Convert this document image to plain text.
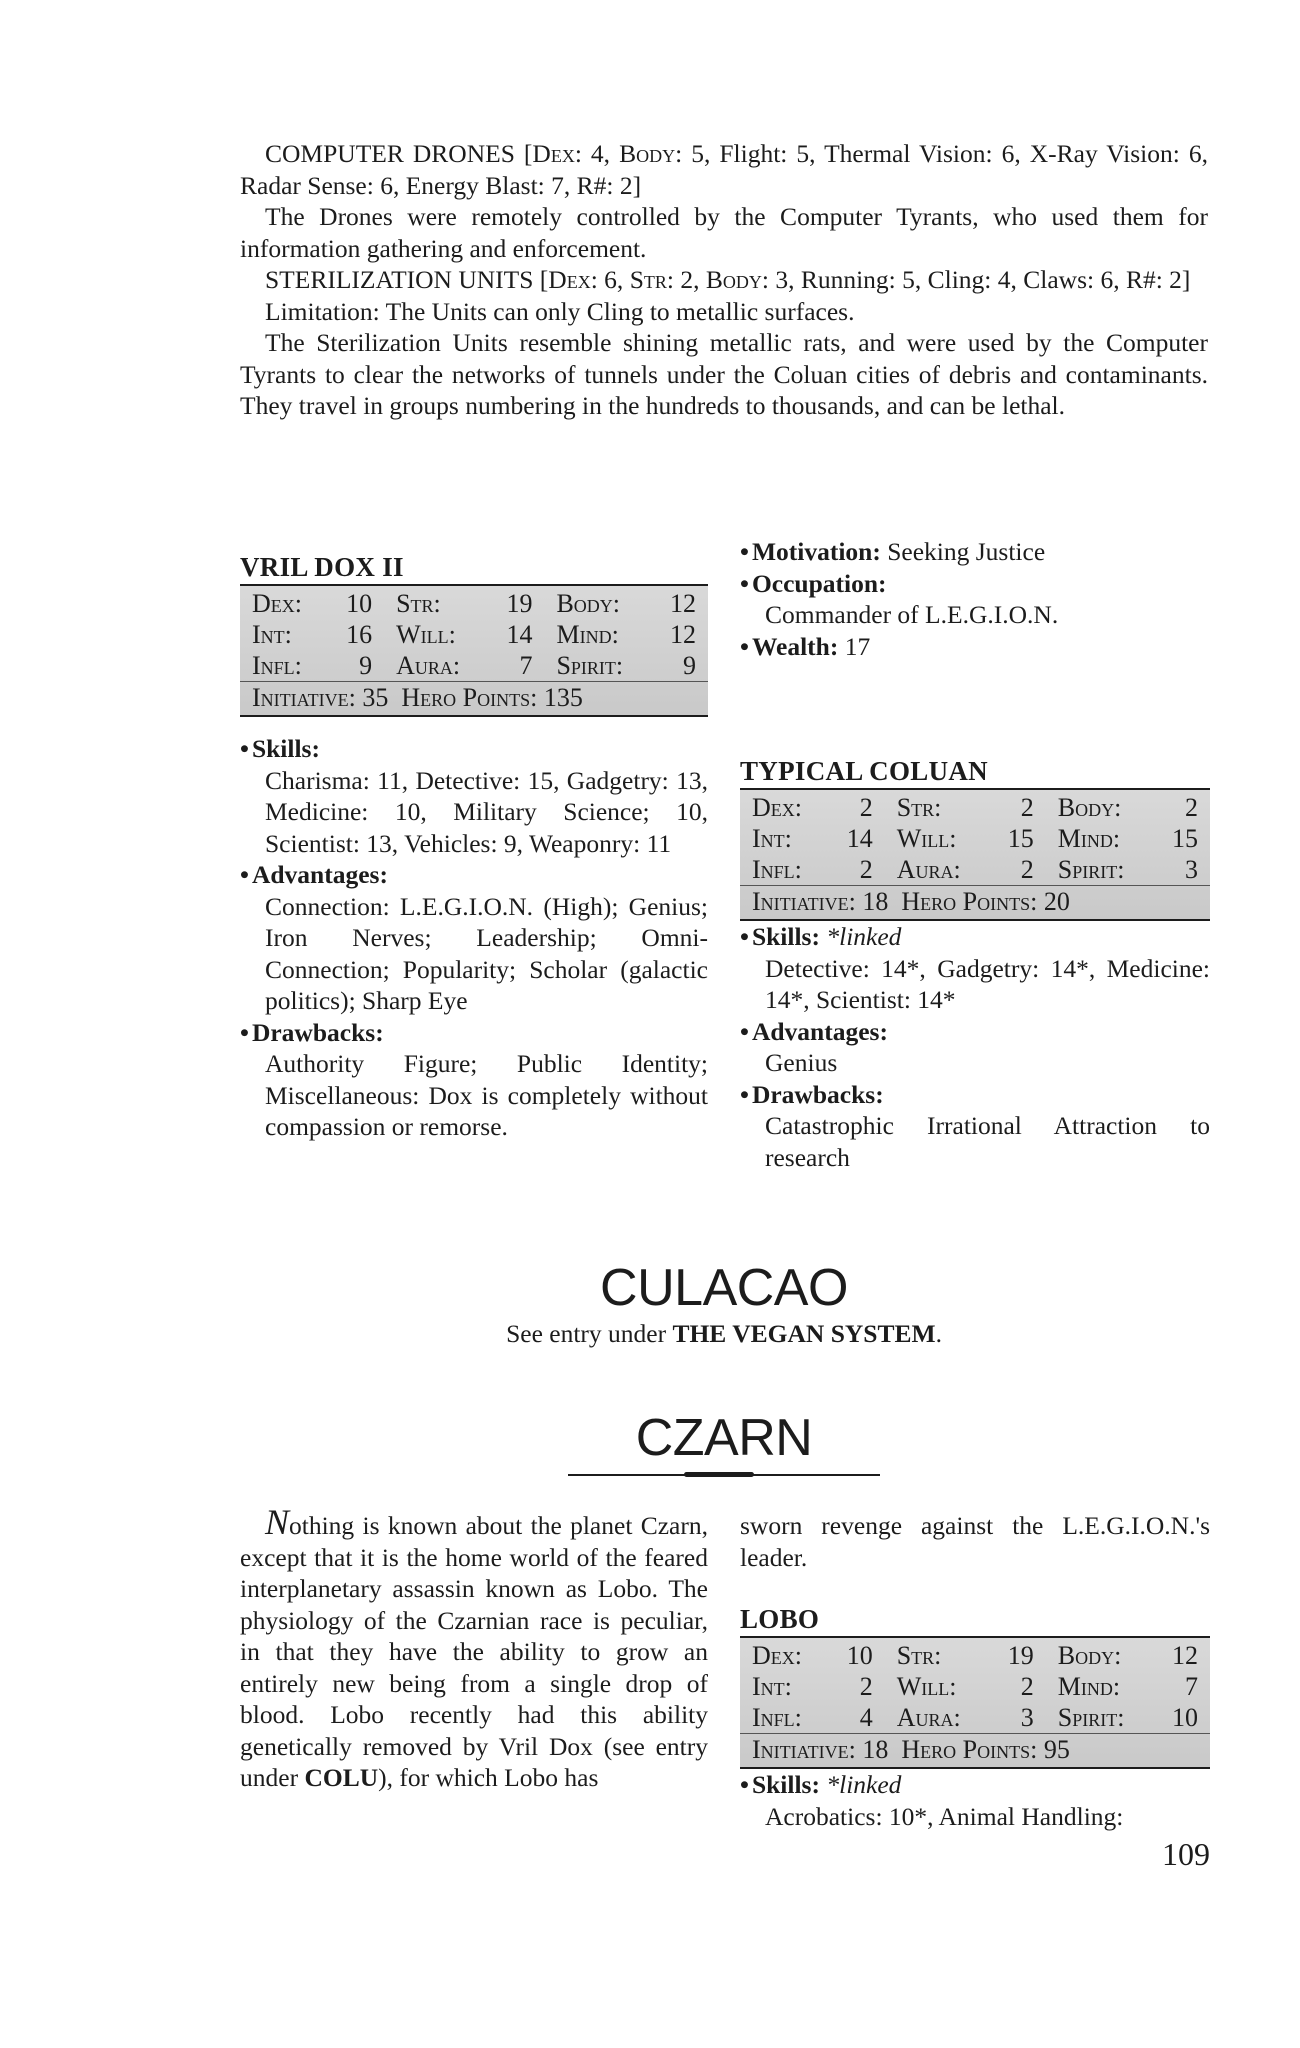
COMPUTER DRONES [Dex: 4, Body: 5, Flight: 5, Thermal Vision: 6, X-Ray Vision: 6, Radar Sense: 6, Energy Blast: 7, R#: 2]

The Drones were remotely controlled by the Computer Tyrants, who used them for information gathering and enforcement.

STERILIZATION UNITS [Dex: 6, Str: 2, Body: 3, Running: 5, Cling: 4, Claws: 6, R#: 2]

Limitation: The Units can only Cling to metallic surfaces.

The Sterilization Units resemble shining metallic rats, and were used by the Computer Tyrants to clear the networks of tunnels under the Coluan cities of debris and contaminants. They travel in groups numbering in the hundreds to thousands, and can be lethal.

VRIL DOX II
Dex:	10	Str:	19	Body:	12
Int:	16	Will:	14	Mind:	12
Infl:	9	Aura:	7	Spirit:	9
Initiative: 35 Hero Points: 135					
• Skills:

Charisma: 11, Detective: 15, Gadgetry: 13, Medicine: 10, Military Science; 10, Scientist: 13, Vehicles: 9, Weaponry: 11

• Advantages:

Connection: L.E.G.I.O.N. (High); Genius; Iron Nerves; Leadership; Omni-Connection; Popularity; Scholar (galactic politics); Sharp Eye

• Drawbacks:

Authority Figure; Public Identity; Miscellaneous: Dox is completely without compassion or remorse.

• Motivation: Seeking Justice
• Occupation:

Commander of L.E.G.I.O.N.

• Wealth: 17
TYPICAL COLUAN
Dex:	2	Str:	2	Body:	2
Int:	14	Will:	15	Mind:	15
Infl:	2	Aura:	2	Spirit:	3
Initiative: 18 Hero Points: 20					
• Skills: *linked

Detective: 14*, Gadgetry: 14*, Medicine: 14*, Scientist: 14*

• Advantages:

Genius

• Drawbacks:

Catastrophic Irrational Attraction to research

CULACAO
See entry under THE VEGAN SYSTEM.
CZARN

Nothing is known about the planet Czarn, except that it is the home world of the feared interplanetary assassin known as Lobo. The physiology of the Czarnian race is peculiar, in that they have the ability to grow an entirely new being from a single drop of blood. Lobo recently had this ability genetically removed by Vril Dox (see entry under COLU), for which Lobo has

sworn revenge against the L.E.G.I.O.N.'s leader.

LOBO
Dex:	10	Str:	19	Body:	12
Int:	2	Will:	2	Mind:	7
Infl:	4	Aura:	3	Spirit:	10
Initiative: 18 Hero Points: 95					
• Skills: *linked

Acrobatics: 10*, Animal Handling:

109
